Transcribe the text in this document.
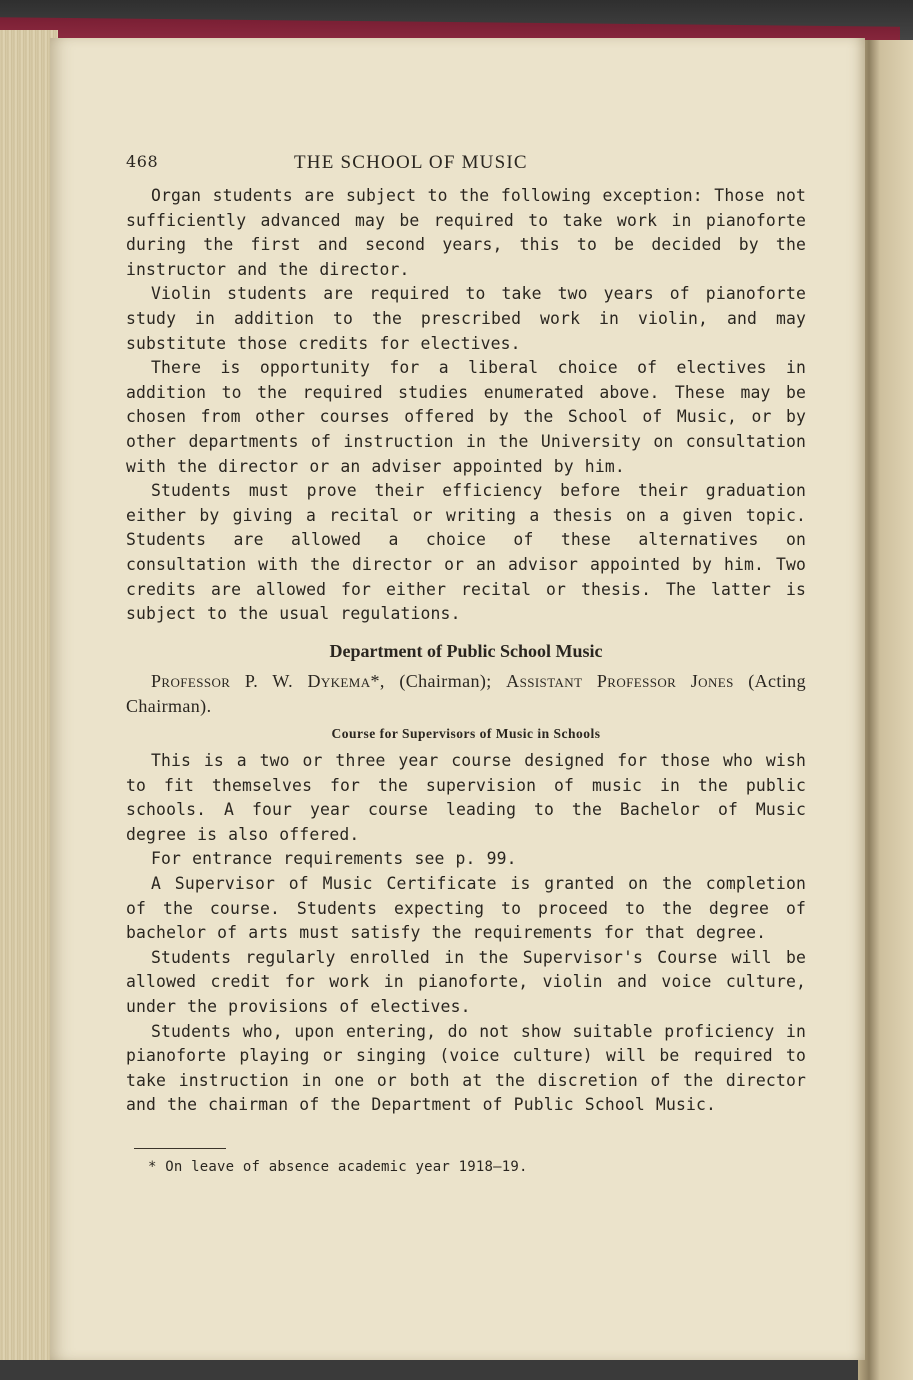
468	THE SCHOOL OF MUSIC

Organ students are subject to the following exception: Those not sufficiently advanced may be required to take work in pianoforte during the first and second years, this to be decided by the instructor and the director.

Violin students are required to take two years of pianoforte study in addition to the prescribed work in violin, and may substitute those credits for electives.

There is opportunity for a liberal choice of electives in addition to the required studies enumerated above. These may be chosen from other courses offered by the School of Music, or by other departments of instruction in the University on consultation with the director or an adviser appointed by him.

Students must prove their efficiency before their graduation either by giving a recital or writing a thesis on a given topic. Students are allowed a choice of these alternatives on consultation with the director or an advisor appointed by him. Two credits are allowed for either recital or thesis. The latter is subject to the usual regulations.

Department of Public School Music
Professor P. W. Dykema*, (Chairman); Assistant Professor Jones (Acting Chairman).
Course for Supervisors of Music in Schools

This is a two or three year course designed for those who wish to fit themselves for the supervision of music in the public schools. A four year course leading to the Bachelor of Music degree is also offered.

For entrance requirements see p. 99.

A Supervisor of Music Certificate is granted on the completion of the course. Students expecting to proceed to the degree of bachelor of arts must satisfy the requirements for that degree.

Students regularly enrolled in the Supervisor's Course will be allowed credit for work in pianoforte, violin and voice culture, under the provisions of electives.

Students who, upon entering, do not show suitable proficiency in pianoforte playing or singing (voice culture) will be required to take instruction in one or both at the discretion of the director and the chairman of the Department of Public School Music.

* On leave of absence academic year 1918–19.
